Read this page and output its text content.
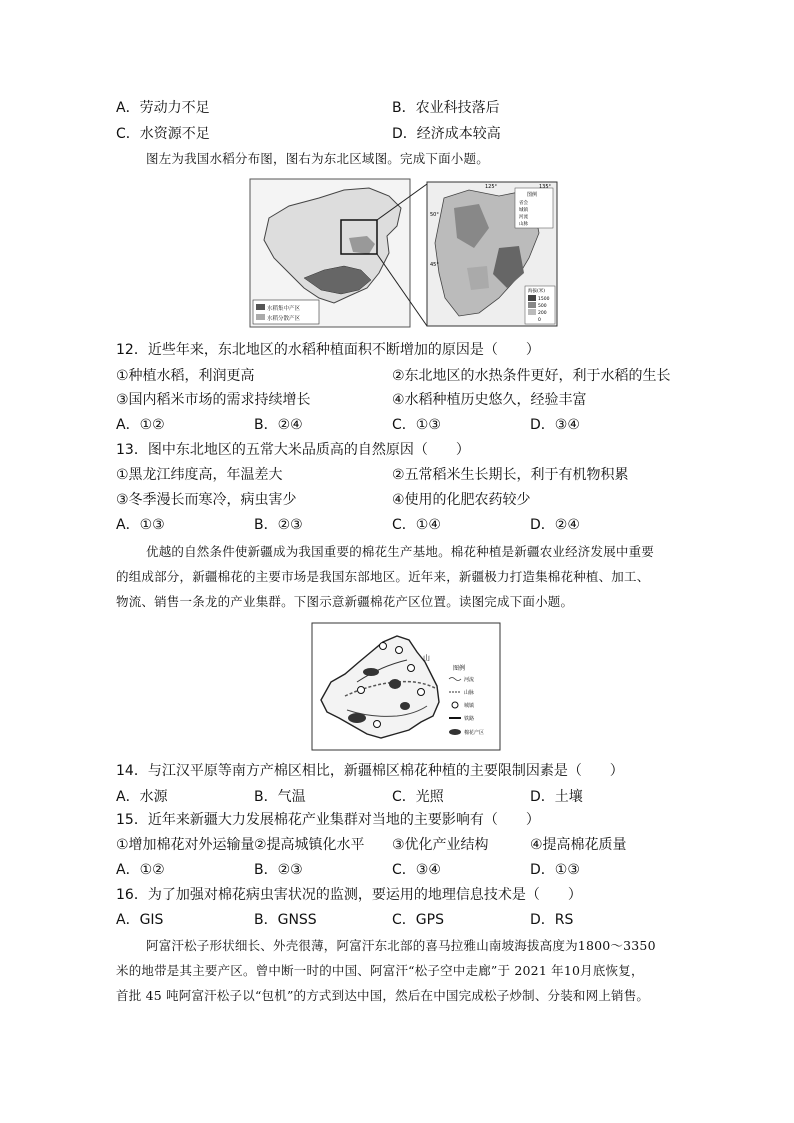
A．劳动力不足	B．农业科技落后
C．水资源不足	D．经济成本较高
图左为我国水稻分布图，图右为东北区域图。完成下面小题。
水稻集中产区
水稻分散产区
图例
省会
城镇
河流
山脉
海拔(米)
1500
500
200
0
125°	135°
50°
45°
12．近些年来，东北地区的水稻种植面积不断增加的原因是（　　）
①种植水稻，利润更高	②东北地区的水热条件更好，利于水稻的生长
③国内稻米市场的需求持续增长	④水稻种植历史悠久，经验丰富
A．①②	B．②④	C．①③	D．③④
13．图中东北地区的五常大米品质高的自然原因（　　）
①黑龙江纬度高，年温差大	②五常稻米生长期长，利于有机物积累
③冬季漫长而寒冷，病虫害少	④使用的化肥农药较少
A．①③	B．②③	C．①④	D．②④
优越的自然条件使新疆成为我国重要的棉花生产基地。棉花种植是新疆农业经济发展中重要
的组成部分，新疆棉花的主要市场是我国东部地区。近年来，新疆极力打造集棉花种植、加工、
物流、销售一条龙的产业集群。下图示意新疆棉花产区位置。读图完成下面小题。
山
图例
河流
山脉
城镇
铁路
棉花产区
14．与江汉平原等南方产棉区相比，新疆棉区棉花种植的主要限制因素是（　　）
A．水源	B．气温	C．光照	D．土壤
15．近年来新疆大力发展棉花产业集群对当地的主要影响有（　　）
①增加棉花对外运输量 ②提高城镇化水平 ③优化产业结构	④提高棉花质量
A．①②	B．②③	C．③④	D．①③
16．为了加强对棉花病虫害状况的监测，要运用的地理信息技术是（　　）
A．GIS	B．GNSS	C．GPS	D．RS
阿富汗松子形状细长、外壳很薄，阿富汗东北部的喜马拉雅山南坡海拔高度为1800～3350
米的地带是其主要产区。曾中断一时的中国、阿富汗“松子空中走廊”于 2021 年10月底恢复，
首批 45 吨阿富汗松子以“包机”的方式到达中国，然后在中国完成松子炒制、分装和网上销售。
